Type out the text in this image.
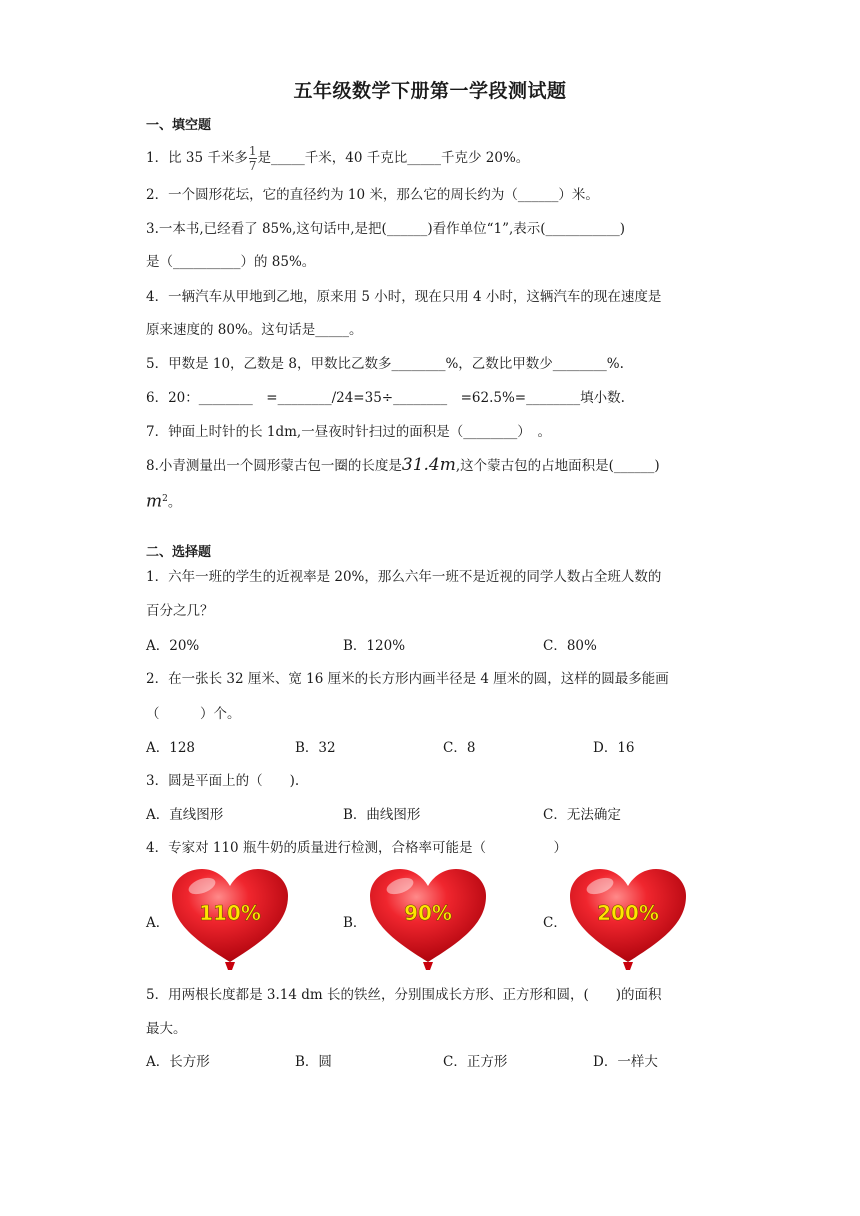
五年级数学下册第一学段测试题
一、填空题
1．比 35 千米多 $\frac{1}{7}$ 是_____千米，40 千克比_____千克少 20%。
2．一个圆形花坛，它的直径约为 10 米，那么它的周长约为（______）米。
3.一本书,已经看了 85%,这句话中,是把(______)看作单位“1”,表示(___________)
是（__________）的 85%。
4．一辆汽车从甲地到乙地，原来用 5 小时，现在只用 4 小时，这辆汽车的现在速度是
原来速度的 80%。这句话是_____。
5．甲数是 10，乙数是 8，甲数比乙数多________%，乙数比甲数少________%.
6．20：________　=________/24=35÷________　=62.5%=________填小数.
7．钟面上时针的长 1dm,一昼夜时针扫过的面积是（________）　。
8.小青测量出一个圆形蒙古包一圈的长度是31.4m,这个蒙古包的占地面积是(______)
$m^2$。
二、选择题
1．六年一班的学生的近视率是 20%，那么六年一班不是近视的同学人数占全班人数的
百分之几？
A．20%	B．120%	C．80%
2．在一张长 32 厘米、宽 16 厘米的长方形内画半径是 4 厘米的圆，这样的圆最多能画
（　　　）个。
A．128	B．32	C．8	D．16
3．圆是平面上的（　　).
A．直线图形	B．曲线图形	C．无法确定
4．专家对 110 瓶牛奶的质量进行检测，合格率可能是（　　　　　）
A． 110%	B． 90%	C． 200%
5．用两根长度都是 3.14 dm 长的铁丝，分别围成长方形、正方形和圆，(　　)的面积
最大。
A．长方形	B．圆	C．正方形	D．一样大
